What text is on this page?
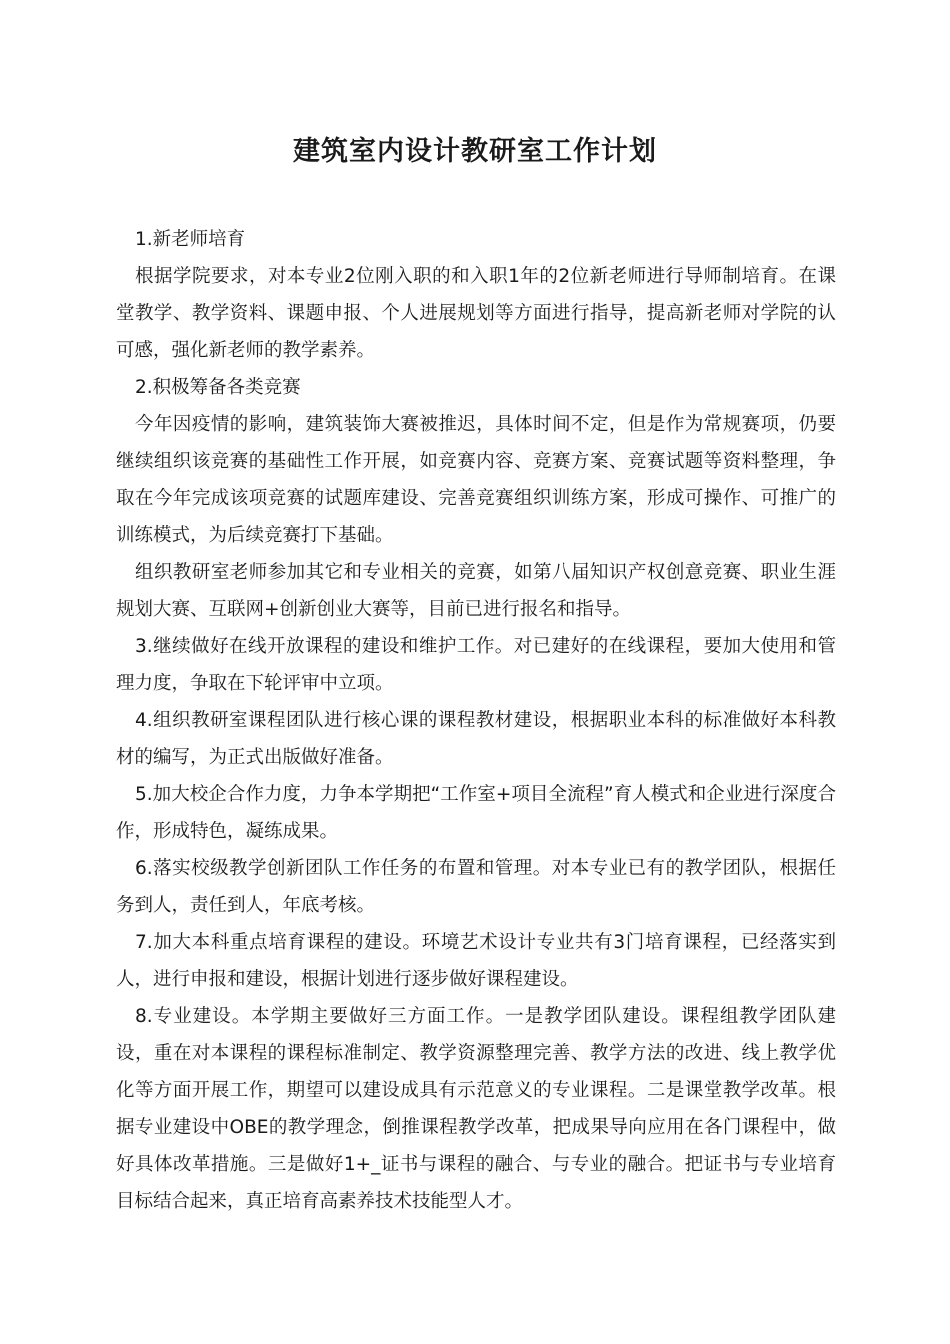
建筑室内设计教研室工作计划

1.新老师培育

根据学院要求，对本专业2位刚入职的和入职1年的2位新老师进行导师制培育。在课堂教学、教学资料、课题申报、个人进展规划等方面进行指导，提高新老师对学院的认可感，强化新老师的教学素养。

2.积极筹备各类竞赛

今年因疫情的影响，建筑装饰大赛被推迟，具体时间不定，但是作为常规赛项，仍要继续组织该竞赛的基础性工作开展，如竞赛内容、竞赛方案、竞赛试题等资料整理，争取在今年完成该项竞赛的试题库建设、完善竞赛组织训练方案，形成可操作、可推广的训练模式，为后续竞赛打下基础。

组织教研室老师参加其它和专业相关的竞赛，如第八届知识产权创意竞赛、职业生涯规划大赛、互联网+创新创业大赛等，目前已进行报名和指导。

3.继续做好在线开放课程的建设和维护工作。对已建好的在线课程，要加大使用和管理力度，争取在下轮评审中立项。

4.组织教研室课程团队进行核心课的课程教材建设，根据职业本科的标准做好本科教材的编写，为正式出版做好准备。

5.加大校企合作力度，力争本学期把“工作室+项目全流程”育人模式和企业进行深度合作，形成特色，凝练成果。

6.落实校级教学创新团队工作任务的布置和管理。对本专业已有的教学团队，根据任务到人，责任到人，年底考核。

7.加大本科重点培育课程的建设。环境艺术设计专业共有3门培育课程，已经落实到人，进行申报和建设，根据计划进行逐步做好课程建设。

8.专业建设。本学期主要做好三方面工作。一是教学团队建设。课程组教学团队建设，重在对本课程的课程标准制定、教学资源整理完善、教学方法的改进、线上教学优化等方面开展工作，期望可以建设成具有示范意义的专业课程。二是课堂教学改革。根据专业建设中OBE的教学理念，倒推课程教学改革，把成果导向应用在各门课程中，做好具体改革措施。三是做好1+_证书与课程的融合、与专业的融合。把证书与专业培育目标结合起来，真正培育高素养技术技能型人才。
